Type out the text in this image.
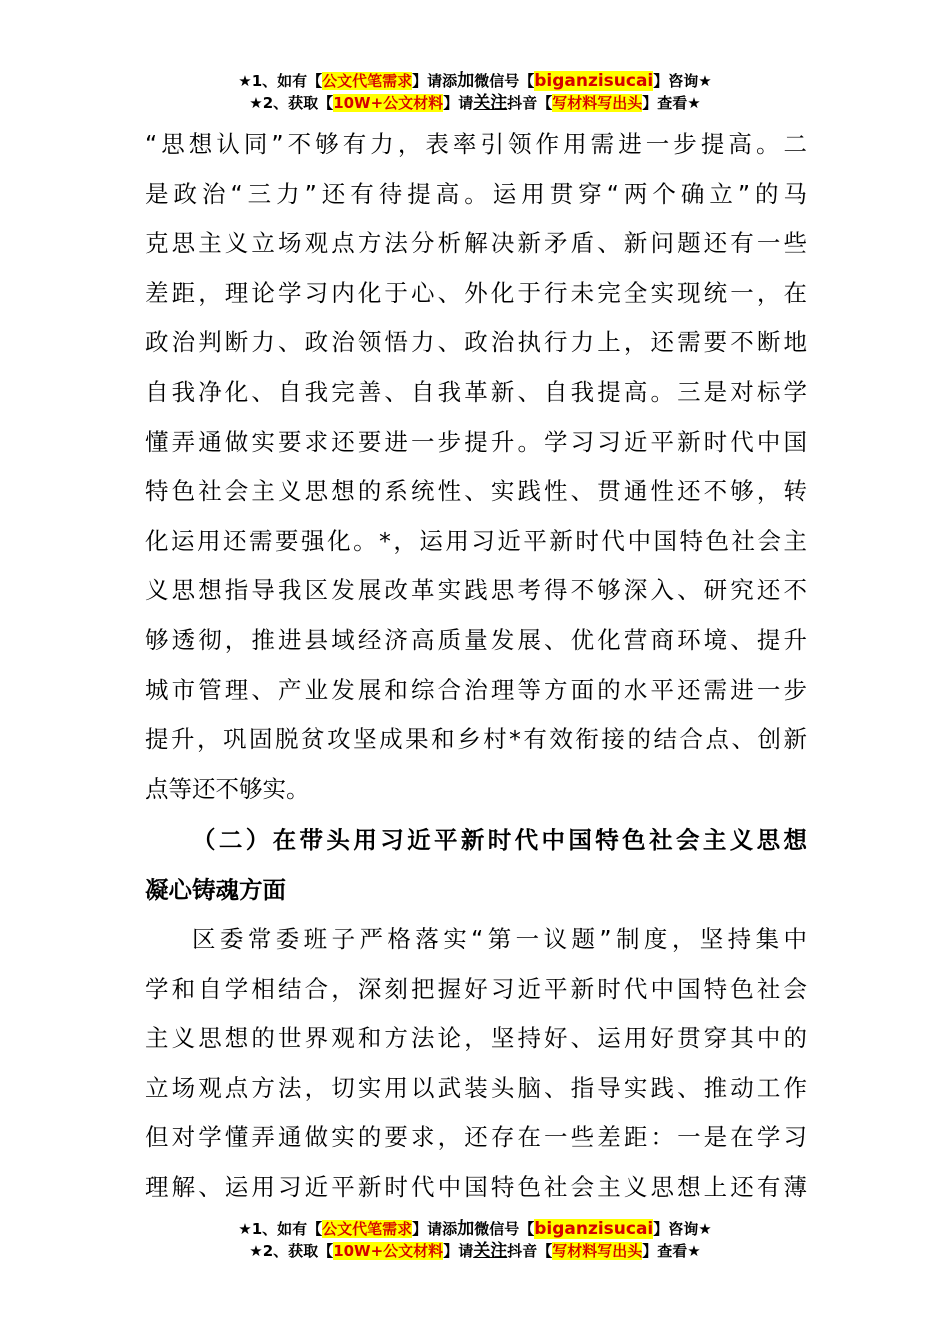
★1、如有【公文代笔需求】请添加微信号【biganzisucai】咨询★
★2、获取【10W+公文材料】请关注抖音【写材料写出头】查看★
“思想认同”不够有力，表率引领作用需进一步提高。二
是政治“三力”还有待提高。运用贯穿“两个确立”的马
克思主义立场观点方法分析解决新矛盾、新问题还有一些
差距，理论学习内化于心、外化于行未完全实现统一，在
政治判断力、政治领悟力、政治执行力上，还需要不断地
自我净化、自我完善、自我革新、自我提高。三是对标学
懂弄通做实要求还要进一步提升。学习习近平新时代中国
特色社会主义思想的系统性、实践性、贯通性还不够，转
化运用还需要强化。*，运用习近平新时代中国特色社会主
义思想指导我区发展改革实践思考得不够深入、研究还不
够透彻，推进县域经济高质量发展、优化营商环境、提升
城市管理、产业发展和综合治理等方面的水平还需进一步
提升，巩固脱贫攻坚成果和乡村*有效衔接的结合点、创新
点等还不够实。
（二）在带头用习近平新时代中国特色社会主义思想
凝心铸魂方面
区委常委班子严格落实“第一议题”制度，坚持集中
学和自学相结合，深刻把握好习近平新时代中国特色社会
主义思想的世界观和方法论，坚持好、运用好贯穿其中的
立场观点方法，切实用以武装头脑、指导实践、推动工作
但对学懂弄通做实的要求，还存在一些差距：一是在学习
理解、运用习近平新时代中国特色社会主义思想上还有薄
★1、如有【公文代笔需求】请添加微信号【biganzisucai】咨询★
★2、获取【10W+公文材料】请关注抖音【写材料写出头】查看★
